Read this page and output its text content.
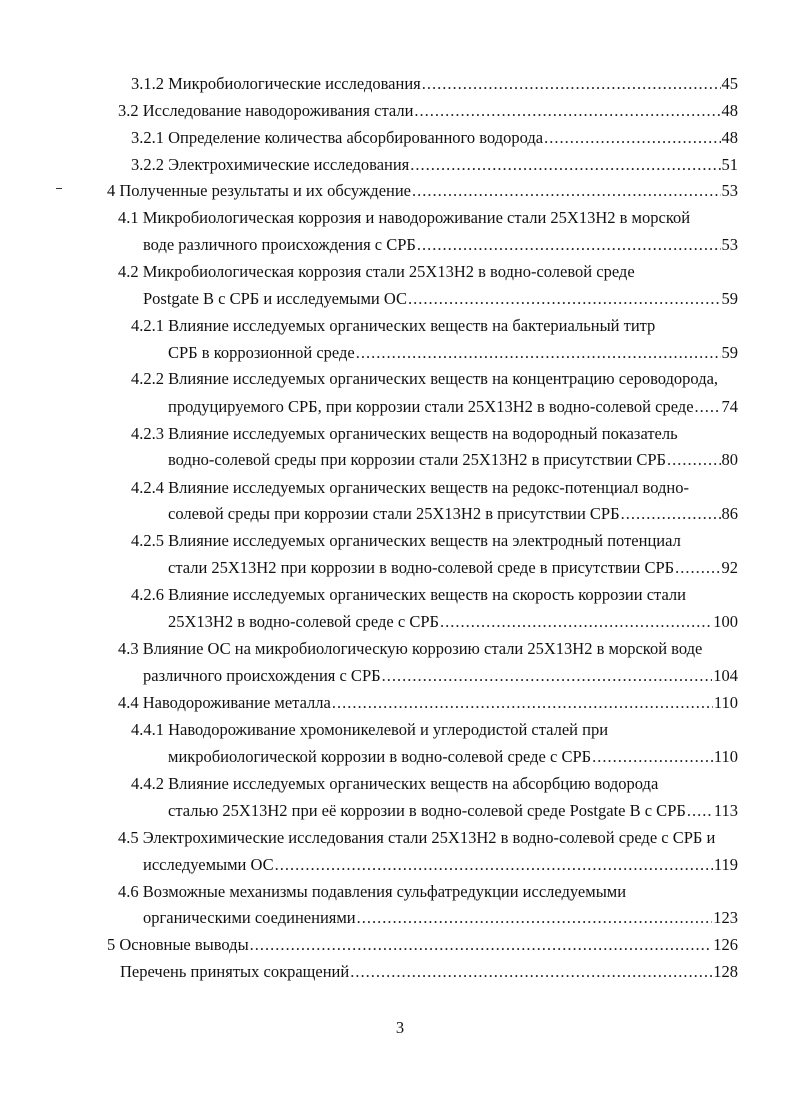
3.1.2 Микробиологические исследования .....	45
3.2 Исследование наводороживания стали .....	48
3.2.1 Определение количества абсорбированного водорода .....	48
3.2.2 Электрохимические исследования .....	51
4 Полученные результаты и их обсуждение .....	53
4.1 Микробиологическая коррозия и наводороживание стали 25Х13Н2 в морской
воде различного происхождения с СРБ .....	53
4.2 Микробиологическая коррозия стали 25Х13Н2 в водно-солевой среде
Postgate B с СРБ и исследуемыми ОС .....	59
4.2.1 Влияние исследуемых органических веществ на бактериальный титр
СРБ в коррозионной среде .....	59
4.2.2 Влияние исследуемых органических веществ на концентрацию сероводорода,
продуцируемого СРБ, при коррозии стали 25Х13Н2 в водно-солевой среде ..... 74
4.2.3 Влияние исследуемых органических веществ на водородный показатель
водно-солевой среды при коррозии стали 25Х13Н2 в присутствии СРБ .....	80
4.2.4 Влияние исследуемых органических веществ на редокс-потенциал водно-
солевой среды при коррозии стали 25Х13Н2 в присутствии СРБ .....	86
4.2.5 Влияние исследуемых органических веществ на электродный потенциал
стали 25Х13Н2 при коррозии в водно-солевой среде в присутствии СРБ .....	92
4.2.6 Влияние исследуемых органических веществ на скорость коррозии стали
25Х13Н2 в водно-солевой среде с СРБ .....	100
4.3 Влияние ОС на микробиологическую коррозию стали 25Х13Н2 в морской воде
различного происхождения с СРБ .....	104
4.4 Наводороживание металла .....	110
4.4.1 Наводороживание хромоникелевой и углеродистой сталей при
микробиологической коррозии в водно-солевой среде с СРБ .....	110
4.4.2 Влияние исследуемых органических веществ на абсорбцию водорода
сталью 25Х13Н2 при её коррозии в водно-солевой среде Postgate B с СРБ ..... 113
4.5 Электрохимические исследования стали 25Х13Н2 в водно-солевой среде с СРБ и
исследуемыми ОС .....	119
4.6 Возможные механизмы подавления сульфатредукции исследуемыми
органическими соединениями .....	123
5 Основные выводы .....	126
Перечень принятых сокращений .....	128
3
